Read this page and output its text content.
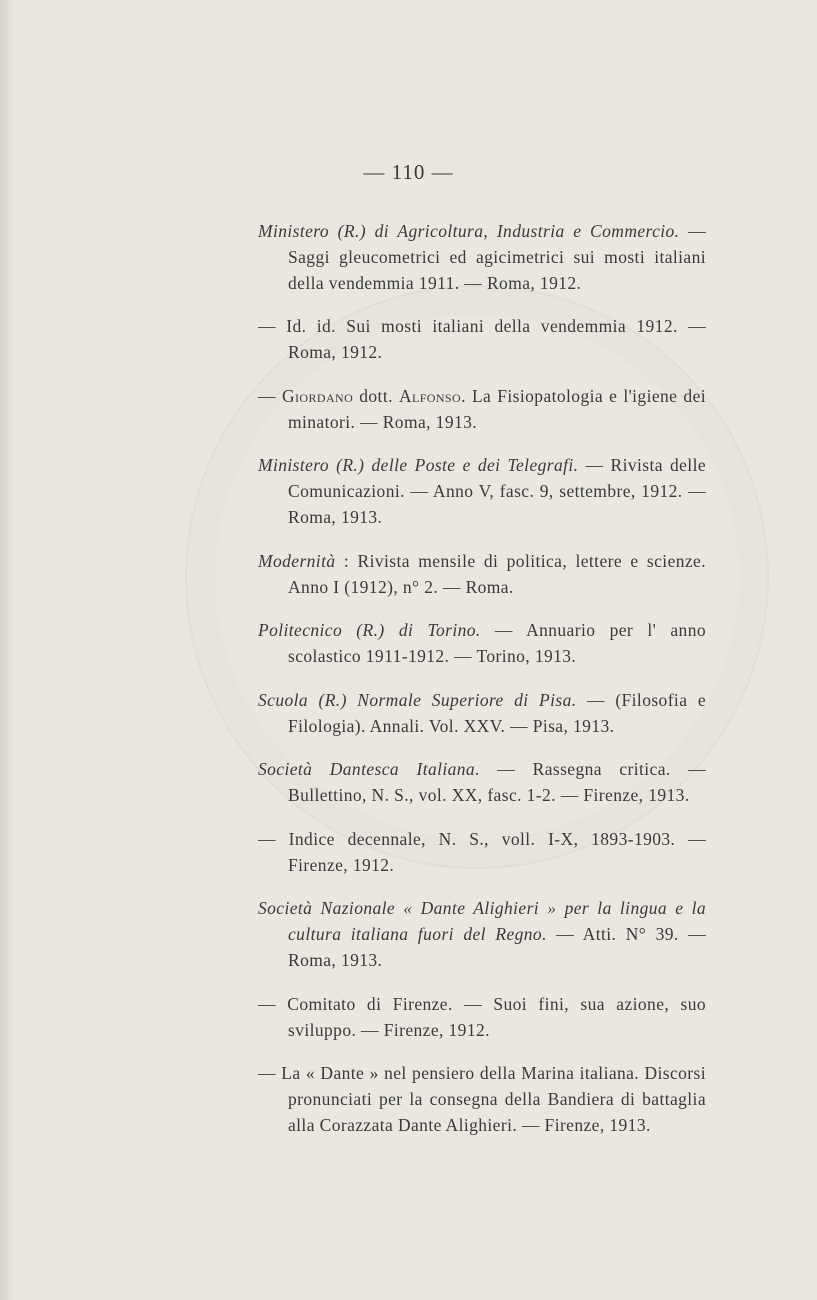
— 110 —

Ministero (R.) di Agricoltura, Industria e Commercio. — Saggi gleucometrici ed agicimetrici sui mosti italiani della vendemmia 1911. — Roma, 1912.

— Id. id. Sui mosti italiani della vendemmia 1912. — Roma, 1912.

— Giordano dott. Alfonso. La Fisiopatologia e l'igiene dei minatori. — Roma, 1913.

Ministero (R.) delle Poste e dei Telegrafi. — Rivista delle Comunicazioni. — Anno V, fasc. 9, settembre, 1912. — Roma, 1913.

Modernità : Rivista mensile di politica, lettere e scienze. Anno I (1912), n° 2. — Roma.

Politecnico (R.) di Torino. — Annuario per l' anno scolastico 1911-1912. — Torino, 1913.

Scuola (R.) Normale Superiore di Pisa. — (Filosofia e Filologia). Annali. Vol. XXV. — Pisa, 1913.

Società Dantesca Italiana. — Rassegna critica. — Bullettino, N. S., vol. XX, fasc. 1-2. — Firenze, 1913.

— Indice decennale, N. S., voll. I-X, 1893-1903. — Firenze, 1912.

Società Nazionale « Dante Alighieri » per la lingua e la cultura italiana fuori del Regno. — Atti. N° 39. — Roma, 1913.

— Comitato di Firenze. — Suoi fini, sua azione, suo sviluppo. — Firenze, 1912.

— La « Dante » nel pensiero della Marina italiana. Discorsi pronunciati per la consegna della Bandiera di battaglia alla Corazzata Dante Alighieri. — Firenze, 1913.
